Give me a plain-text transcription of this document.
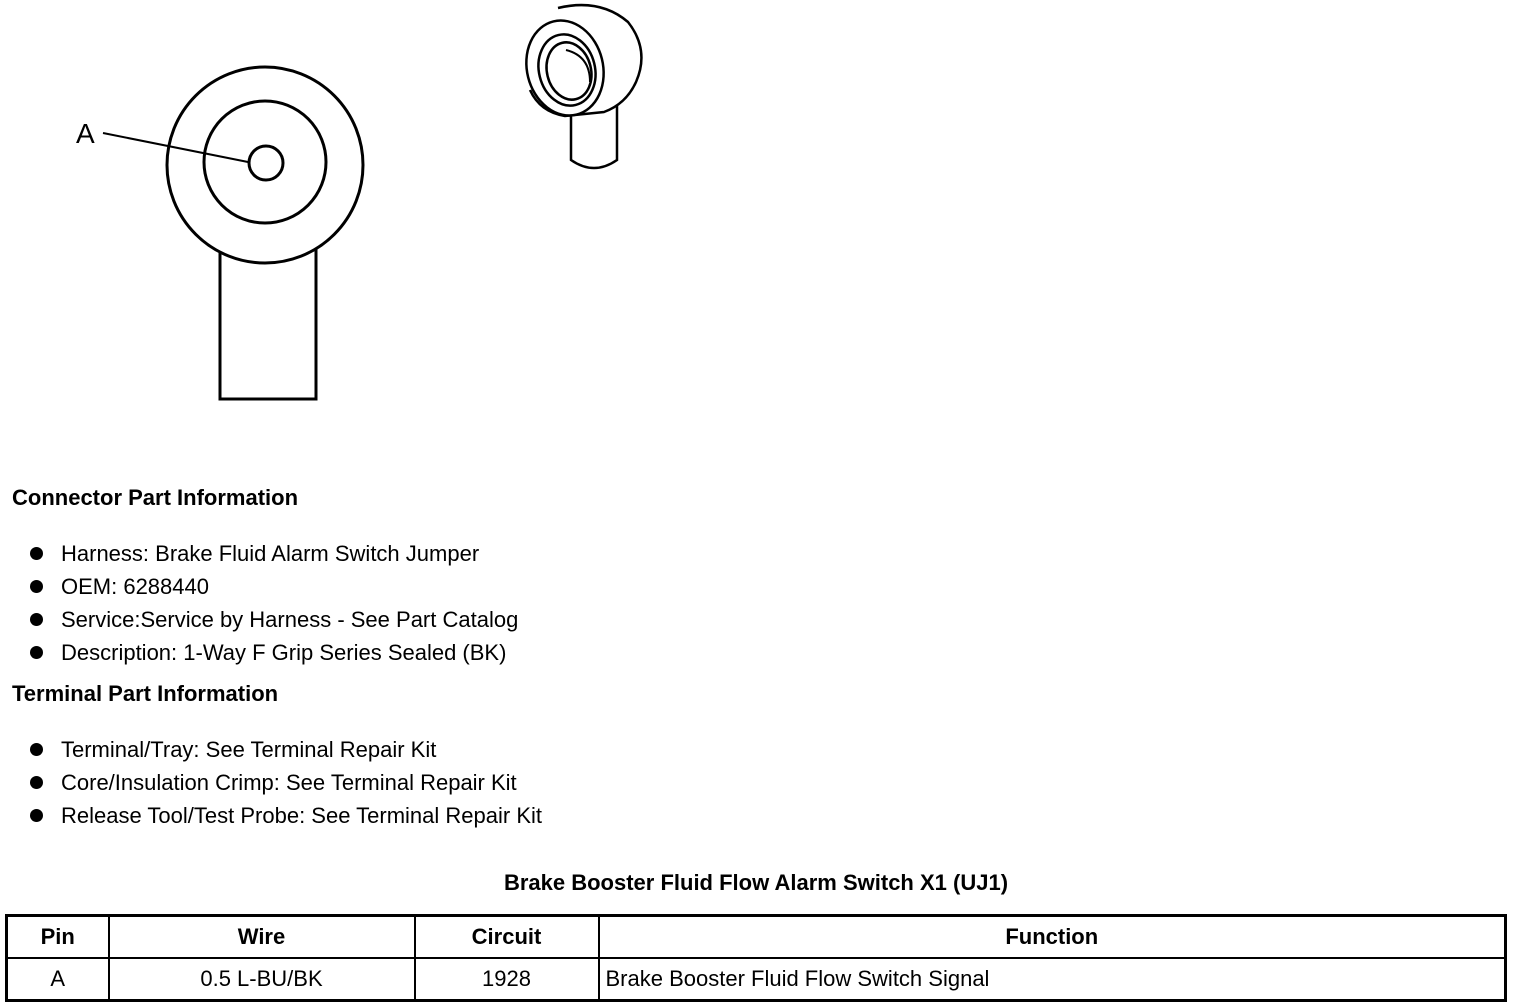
A
Connector Part Information
Harness: Brake Fluid Alarm Switch Jumper
OEM: 6288440
Service:Service by Harness - See Part Catalog
Description: 1-Way F Grip Series Sealed (BK)
Terminal Part Information
Terminal/Tray: See Terminal Repair Kit
Core/Insulation Crimp: See Terminal Repair Kit
Release Tool/Test Probe: See Terminal Repair Kit
Brake Booster Fluid Flow Alarm Switch X1 (UJ1)
Pin	Wire	Circuit	Function
A	0.5 L-BU/BK	1928	Brake Booster Fluid Flow Switch Signal
